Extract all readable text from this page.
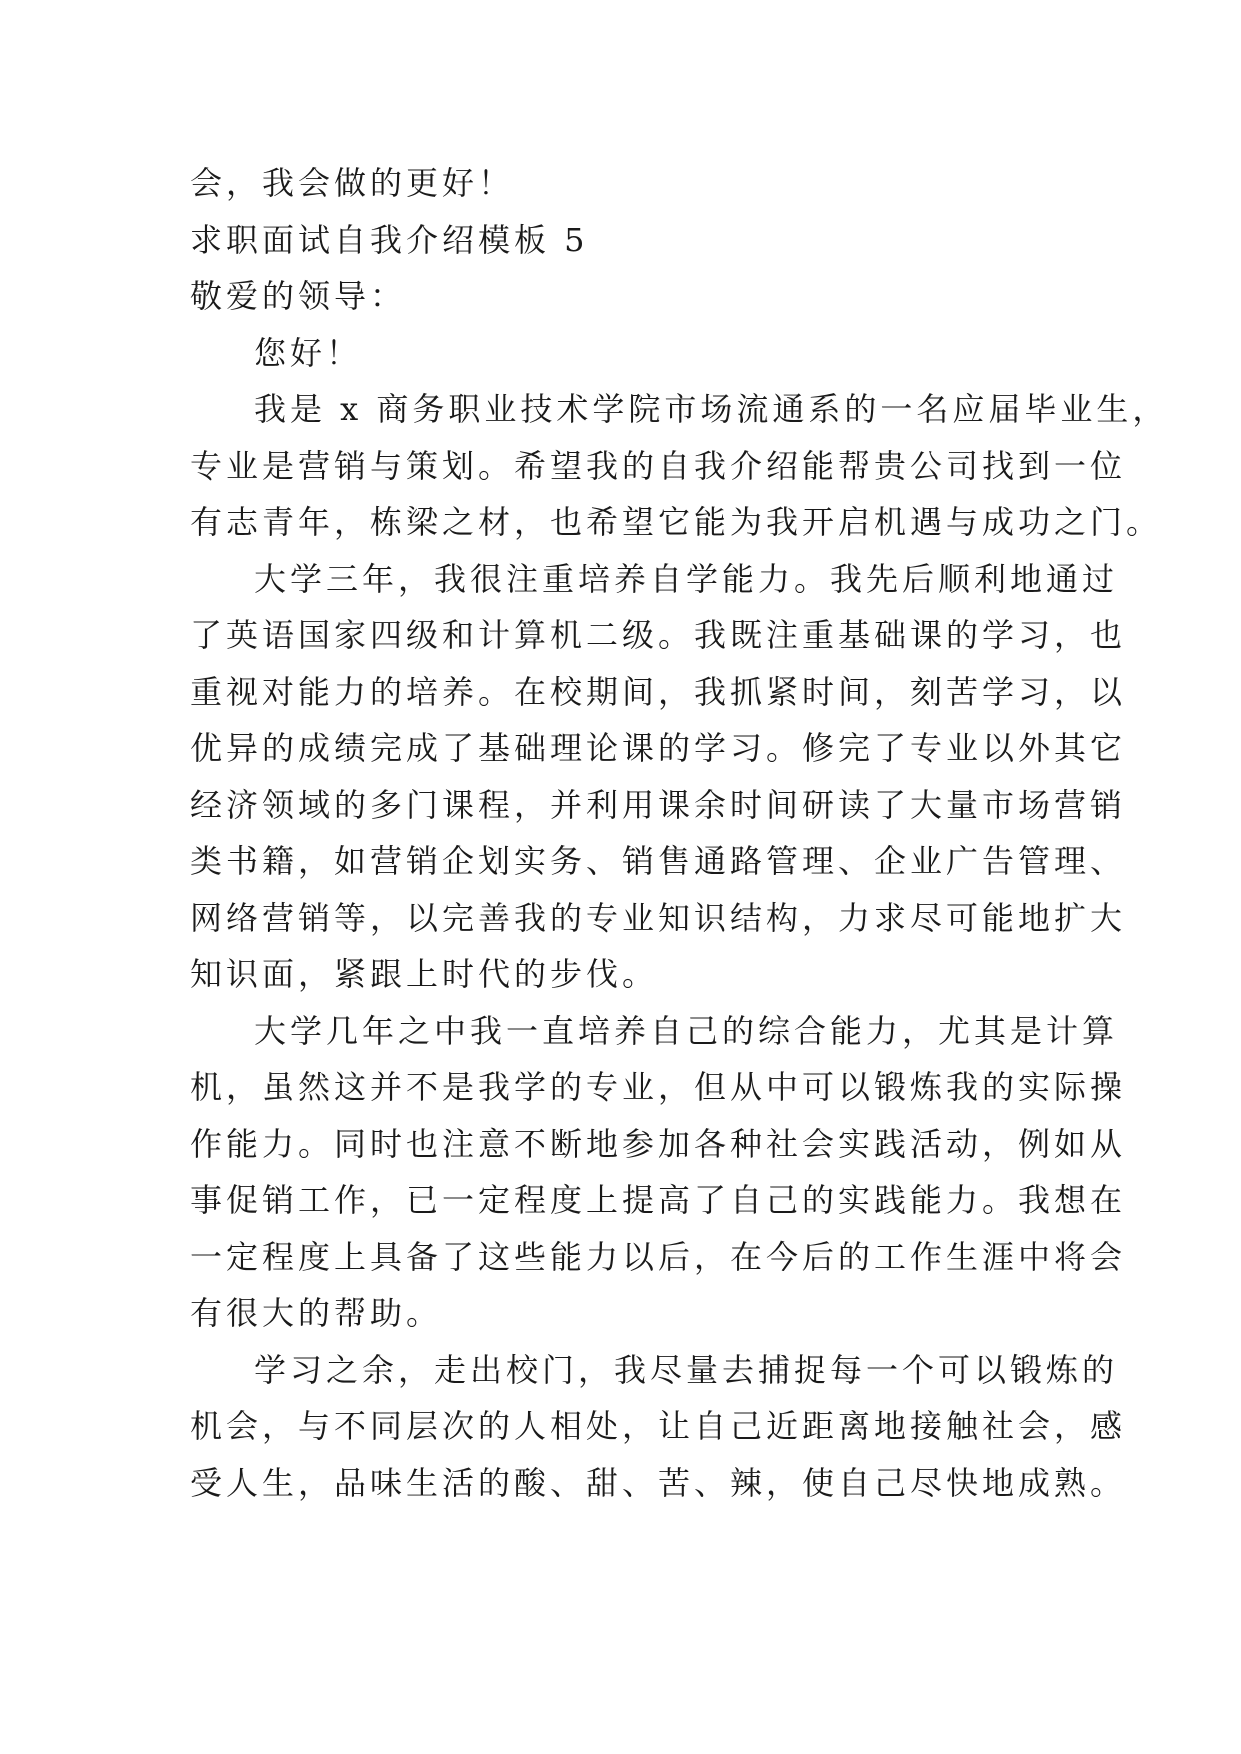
会，我会做的更好！

求职面试自我介绍模板 5

敬爱的领导：

您好！

我是 x 商务职业技术学院市场流通系的一名应届毕业生，

专业是营销与策划。希望我的自我介绍能帮贵公司找到一位

有志青年，栋梁之材，也希望它能为我开启机遇与成功之门。

大学三年，我很注重培养自学能力。我先后顺利地通过

了英语国家四级和计算机二级。我既注重基础课的学习，也

重视对能力的培养。在校期间，我抓紧时间，刻苦学习，以

优异的成绩完成了基础理论课的学习。修完了专业以外其它

经济领域的多门课程，并利用课余时间研读了大量市场营销

类书籍，如营销企划实务、销售通路管理、企业广告管理、

网络营销等，以完善我的专业知识结构，力求尽可能地扩大

知识面，紧跟上时代的步伐。

大学几年之中我一直培养自己的综合能力，尤其是计算

机，虽然这并不是我学的专业，但从中可以锻炼我的实际操

作能力。同时也注意不断地参加各种社会实践活动，例如从

事促销工作，已一定程度上提高了自己的实践能力。我想在

一定程度上具备了这些能力以后，在今后的工作生涯中将会

有很大的帮助。

学习之余，走出校门，我尽量去捕捉每一个可以锻炼的

机会，与不同层次的人相处，让自己近距离地接触社会，感

受人生，品味生活的酸、甜、苦、辣，使自己尽快地成熟。
